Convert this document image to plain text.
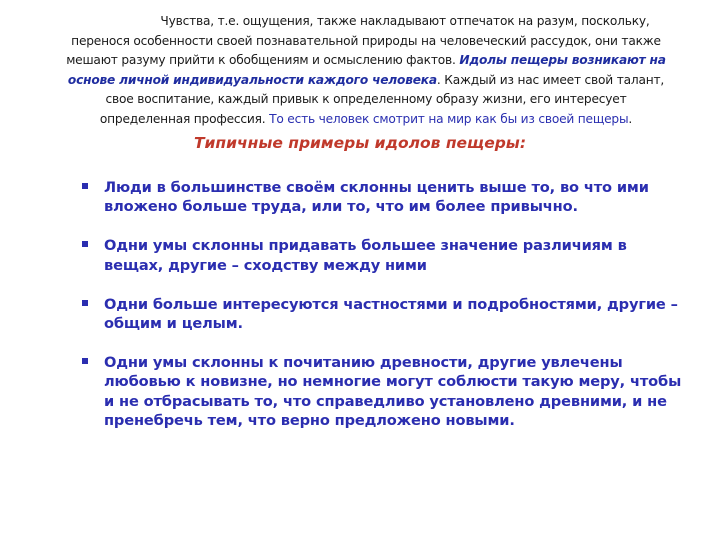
Чувства, т.е. ощущения, также накладывают отпечаток на разум, поскольку, перенося особенности своей познавательной природы на человеческий рассудок, они также мешают разуму прийти к обобщениям и осмыслению фактов. Идолы пещеры возникают на основе личной индивидуальности каждого человека. Каждый из нас имеет свой талант, свое воспитание, каждый привык к определенному образу жизни, его интересует определенная профессия. То есть человек смотрит на мир как бы из своей пещеры.

Типичные примеры идолов пещеры:
Люди в большинстве своём склонны ценить выше то, во что ими вложено больше труда, или то, что им более привычно.
Одни умы склонны придавать большее значение различиям в вещах, другие – сходству между ними
Одни больше интересуются частностями и подробностями, другие – общим и целым.
Одни умы склонны к почитанию древности, другие увлечены любовью к новизне, но немногие могут соблюсти такую меру, чтобы и не отбрасывать то, что справедливо установлено древними, и не пренебречь тем, что верно предложено новыми.
